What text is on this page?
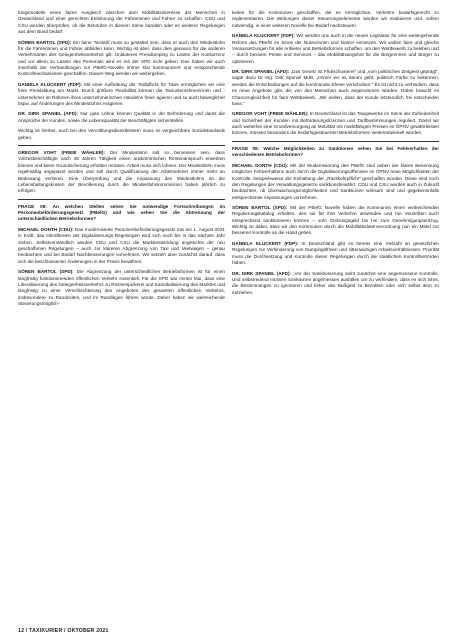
tungsmodelle einen fairen Ausgleich zwischen dem Mobilitätsinteresse der Menschen in Deutschland und einer gerechten Entlohnung der Fahrerinnen und Fahrer zu schaffen. CDU und CSU werden überprüfen, ob die Behörden in diesem Sinne handeln oder es weiterer Regelungen aus dem Bund bedarf.

SÖREN BARTOL (SPD): Ein fairer Taxitarif muss so gestaltet sein, dass er auch den Mindestlohn für die Fahrerinnen und Fahrer abbilden kann. Wichtig ist aber, dass dies genauso für die anderen Verkehrsarten des Gelegenheitsverkehrs gilt. Unlauteres Preisdumping zu Lasten der Konkurrenz und vor allem zu Lasten des Personals wird es mit der SPD nicht geben. Das haben wir auch innerhalb der Verhandlungen zur PBefG-Novelle immer klar kommuniziert und entsprechende Kontrollmechanismen geschaffen. Diesen Weg werden wir weitergehen.

DANIELA KLUCKERT (FDP): Mit einer Aufhebung der Tarifpflicht für Taxis ermöglichen wir eine freie Preisbildung am Markt. Durch größere Flexibilität können die Taxiunternehmerinnen und -unternehmer im Rahmen ihres unternehmerischen Handelns freier agieren und so auch beweglicher bspw. auf Änderungen des Mindestlohns reagieren.

DR. DIRK SPANIEL (AFD): Nur gute Löhne können Qualität in der Beförderung und damit die Ansprüche der Kunden, sowie die Lebensqualität der Beschäftigten sicherstellen.

Wichtig ist hierbei, auch bei den Vermittlungsdienstleistern muss es vergleichbare Sozialstandards geben.

GREGOR VOHT (FREIE WÄHLER): Der Mindestlohn soll so bemessen sein, dass Vollzeitbeschäftigte nach 45 Jahren Tätigkeit einen auskömmlichen Rentenanspruch erwerben können und keine Grundsicherung erhalten müssen. Arbeit muss sich lohnen. Der Mindestlohn muss regelmäßig angepasst werden und soll durch Qualifizierung der Arbeitnehmer immer mehr an Bedeutung verlieren. Eine Überprüfung und die Anpassung des Mindestlohns an die Lebenshaltungskosten der Bevölkerung durch die Mindestlohnkommission haben jährlich zu erfolgen.

FRAGE 08: An welchen Stellen sehen Sie notwendige Fortschreibungen im Personenbeförderungsgesetz (PBefG) und wie sehen Sie die Abtrennung der unterschiedlichen Betriebsformen?

MICHAEL DONTH (CDU): Das modernisierte Personenbeförderungsgesetz trat am 1. August 2021 in Kraft, das Inkrafttreten der Digitalisierungs-Regelungen wird sich noch bis in das nächste Jahr ziehen. Selbstverständlich werden CDU und CSU die Marktentwicklung angesichts der neu geschaffenen Regelungen – auch zur klareren Abgrenzung von Taxi und Mietwagen – genau beobachten und bei Bedarf Nachbesserungen vornehmen. Wir setzten aber zunächst darauf, dass sich die beschlossenen Änderungen in der Praxis bewähren.

SÖREN BARTOL (SPD): Die Abgrenzung der unterschiedlichen Betriebsformen ist für einen langfristig funktionierenden öffentlichen Verkehr essentiell. Für die SPD war immer klar, dass eine Liberalisierung des Gelegenheitsverkehrs zu Rosinenpickerei und Kannibalisierung des Marktes und langfristig zu einer Verschlechterung des Angebotes des gesamten öffentlichen Verkehrs, insbesondere zu Randzeiten, und im Randlagen führen würde. Daher haben wir weitreichende Steuerungsmöglich-

keiten für die Kommunen geschaffen, die es ermöglichen, Verkehre bedarfsgerecht zu reglementieren. Die Wirkungen dieser Steuerungselemente werden wir evaluieren und, sofern notwendig, in einer weiteren Novelle bei Bedarf nachsteuern.

DANIELA KLUCKERT (FDP): Wir werden uns auch in der neuen Legislatur für eine weitergehende Reform des PBefG im Sinne der Nutzerinnen und Nutzer einsetzen. Wir wollen faire und gleiche Voraussetzungen für alle Anbieter und Betriebsformen schaffen, um den Wettbewerb zu beleben und – durch bessere Preise und Services – das Mobilitätsangebot für die Bürgerinnen und Bürger zu optimieren.

DR. DIRK SPANIEL (AFD): „Das Gesetz ist Flickschusterei" und „vom politischen Zeitgeist geprägt", sagte dazu Dr.-Ing. Dirk Spaniel MdB. „Immer wo es darum geht, politisch Farbe zu bekennen, werden die Entscheidungen auf die kommunale Ebene verschoben." Es ist nicht zu verhindern, dass es neue Angebote gibt, die von den Menschen auch angenommen würden. Daher braucht es Chancengleichheit für faire Wettbewerb. „Wir wollen, dass der Kunde letztendlich frei entscheiden kann."

GREGOR VOHT (FREIE WÄHLER): In Deutschland ist das Taxigewerbe im Sinne der Zufriedenheit und Sicherheit der Kunden mit Beförderungslizenzen und Tarifbestimmungen reguliert. Damit wir auch weiterhin eine Grundversorgung an Mobilität mit marktfähigen Preisen im ÖPNV gewährleisten können, müssen besonders die bedarfsgesteuerten Betriebsformen weiterentwickelt werden.

FRAGE 09: Welche Möglichkeiten zu Sanktionen sehen Sie bei Fehlverhalten der verschiedenen Betriebsformen?

MICHAEL DONTH (CDU): Mit der Modernisierung des PBefG sind neben der klaren Benennung möglicher Fehlverhaltens auch durch die Digitalisierungsoffensive im ÖPNV neue Möglichkeiten der Kontrolle, beispielsweise der Einhaltung der „Rückkehrpflicht" geschaffen worden. Diese sind noch den Regelungen der Verwaltungsgesetze sanktionsbewährt. CDU und CSU werden auch in Zukunft beobachten, ob Überwachungsmöglichkeiten und Sanktionen wirksam sind und gegebenenfalls entsprechende Anpassungen vornehmen.

SÖREN BARTOL (SPD): Mit der PBefG Novelle haben die Kommunen einen weitreichenden Regulierungskatalog erhalten, den sie für ihre Verkehre anwenden und bei Verstößen auch entsprechend sanktionieren können – vom Ordnungsgeld bis hin zum Genehmigungsentzug. Wichtig ist dabei, dass wir den Kommunen durch die Mobilitätsdatenverordnung nun ein Mittel zur besseren Kontrolle an die Hand geben.

DANIELA KLUCKERT (FDP): In Deutschland gibt es bereits eine Vielzahl an gesetzlichen Regelungen zur Verhinderung von Dumpinglöhnen und sittenwidrigen Arbeitsverhältnissen. Priorität muss die Durchsetzung und Kontrolle dieser Regelungen durch die staatlichen Kontrollbehörden haben.

DR. DIRK SPANIEL (AFD): „Vor der Sanktionierung steht zunächst eine angemessene Kontrolle. Und selbstredend müssen Sanktionen angemessen ausfallen um zu verhindern, dass es sich lohnt, die Bestimmungen zu ignorieren und lieber das Bußgeld zu bezahlen oder sich selbst dem zu entziehen.

12 / TAXIKURIER / OKTOBER 2021
